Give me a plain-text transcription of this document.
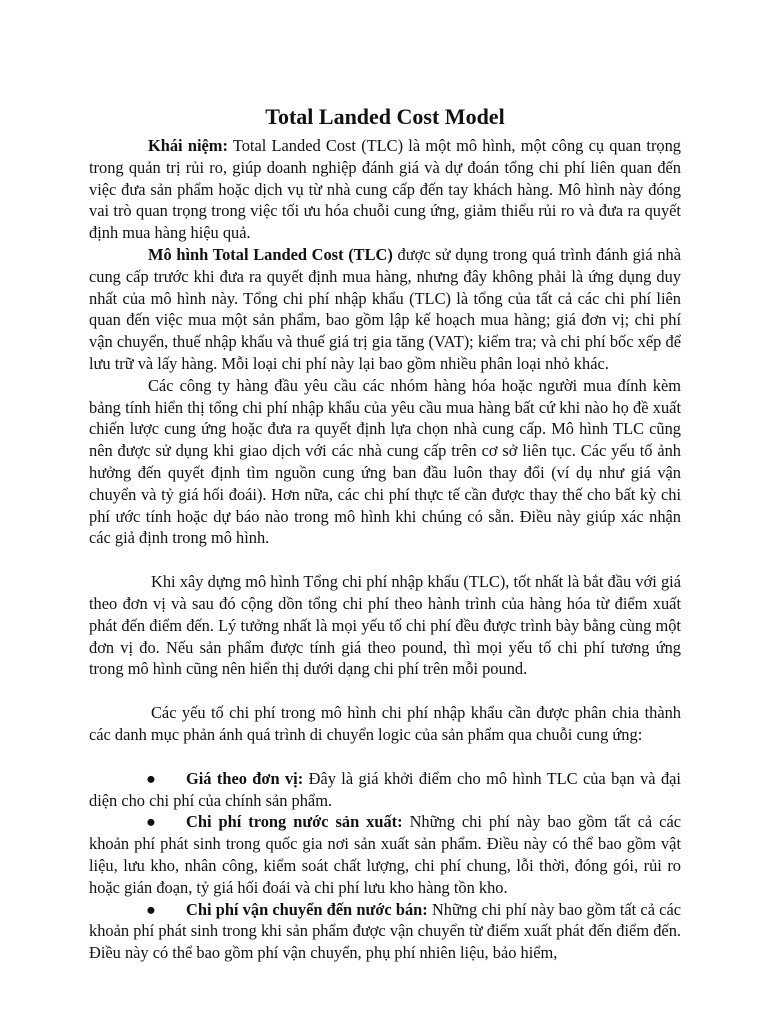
Total Landed Cost Model

Khái niệm: Total Landed Cost (TLC) là một mô hình, một công cụ quan trọng trong quản trị rủi ro, giúp doanh nghiệp đánh giá và dự đoán tổng chi phí liên quan đến việc đưa sản phẩm hoặc dịch vụ từ nhà cung cấp đến tay khách hàng. Mô hình này đóng vai trò quan trọng trong việc tối ưu hóa chuỗi cung ứng, giảm thiểu rủi ro và đưa ra quyết định mua hàng hiệu quả.

Mô hình Total Landed Cost (TLC) được sử dụng trong quá trình đánh giá nhà cung cấp trước khi đưa ra quyết định mua hàng, nhưng đây không phải là ứng dụng duy nhất của mô hình này. Tổng chi phí nhập khẩu (TLC) là tổng của tất cả các chi phí liên quan đến việc mua một sản phẩm, bao gồm lập kế hoạch mua hàng; giá đơn vị; chi phí vận chuyển, thuế nhập khẩu và thuế giá trị gia tăng (VAT); kiểm tra; và chi phí bốc xếp để lưu trữ và lấy hàng. Mỗi loại chi phí này lại bao gồm nhiều phân loại nhỏ khác.

Các công ty hàng đầu yêu cầu các nhóm hàng hóa hoặc người mua đính kèm bảng tính hiển thị tổng chi phí nhập khẩu của yêu cầu mua hàng bất cứ khi nào họ đề xuất chiến lược cung ứng hoặc đưa ra quyết định lựa chọn nhà cung cấp. Mô hình TLC cũng nên được sử dụng khi giao dịch với các nhà cung cấp trên cơ sở liên tục. Các yếu tố ảnh hưởng đến quyết định tìm nguồn cung ứng ban đầu luôn thay đổi (ví dụ như giá vận chuyển và tỷ giá hối đoái). Hơn nữa, các chi phí thực tế cần được thay thế cho bất kỳ chi phí ước tính hoặc dự báo nào trong mô hình khi chúng có sẵn. Điều này giúp xác nhận các giả định trong mô hình.

Khi xây dựng mô hình Tổng chi phí nhập khẩu (TLC), tốt nhất là bắt đầu với giá theo đơn vị và sau đó cộng dồn tổng chi phí theo hành trình của hàng hóa từ điểm xuất phát đến điểm đến. Lý tưởng nhất là mọi yếu tố chi phí đều được trình bày bằng cùng một đơn vị đo. Nếu sản phẩm được tính giá theo pound, thì mọi yếu tố chi phí tương ứng trong mô hình cũng nên hiển thị dưới dạng chi phí trên mỗi pound.

Các yếu tố chi phí trong mô hình chi phí nhập khẩu cần được phân chia thành các danh mục phản ánh quá trình di chuyển logic của sản phẩm qua chuỗi cung ứng:

● Giá theo đơn vị: Đây là giá khởi điểm cho mô hình TLC của bạn và đại diện cho chi phí của chính sản phẩm.
● Chi phí trong nước sản xuất: Những chi phí này bao gồm tất cả các khoản phí phát sinh trong quốc gia nơi sản xuất sản phẩm. Điều này có thể bao gồm vật liệu, lưu kho, nhân công, kiểm soát chất lượng, chi phí chung, lỗi thời, đóng gói, rủi ro hoặc gián đoạn, tỷ giá hối đoái và chi phí lưu kho hàng tồn kho.
● Chi phí vận chuyển đến nước bán: Những chi phí này bao gồm tất cả các khoản phí phát sinh trong khi sản phẩm được vận chuyển từ điểm xuất phát đến điểm đến. Điều này có thể bao gồm phí vận chuyển, phụ phí nhiên liệu, bảo hiểm,
